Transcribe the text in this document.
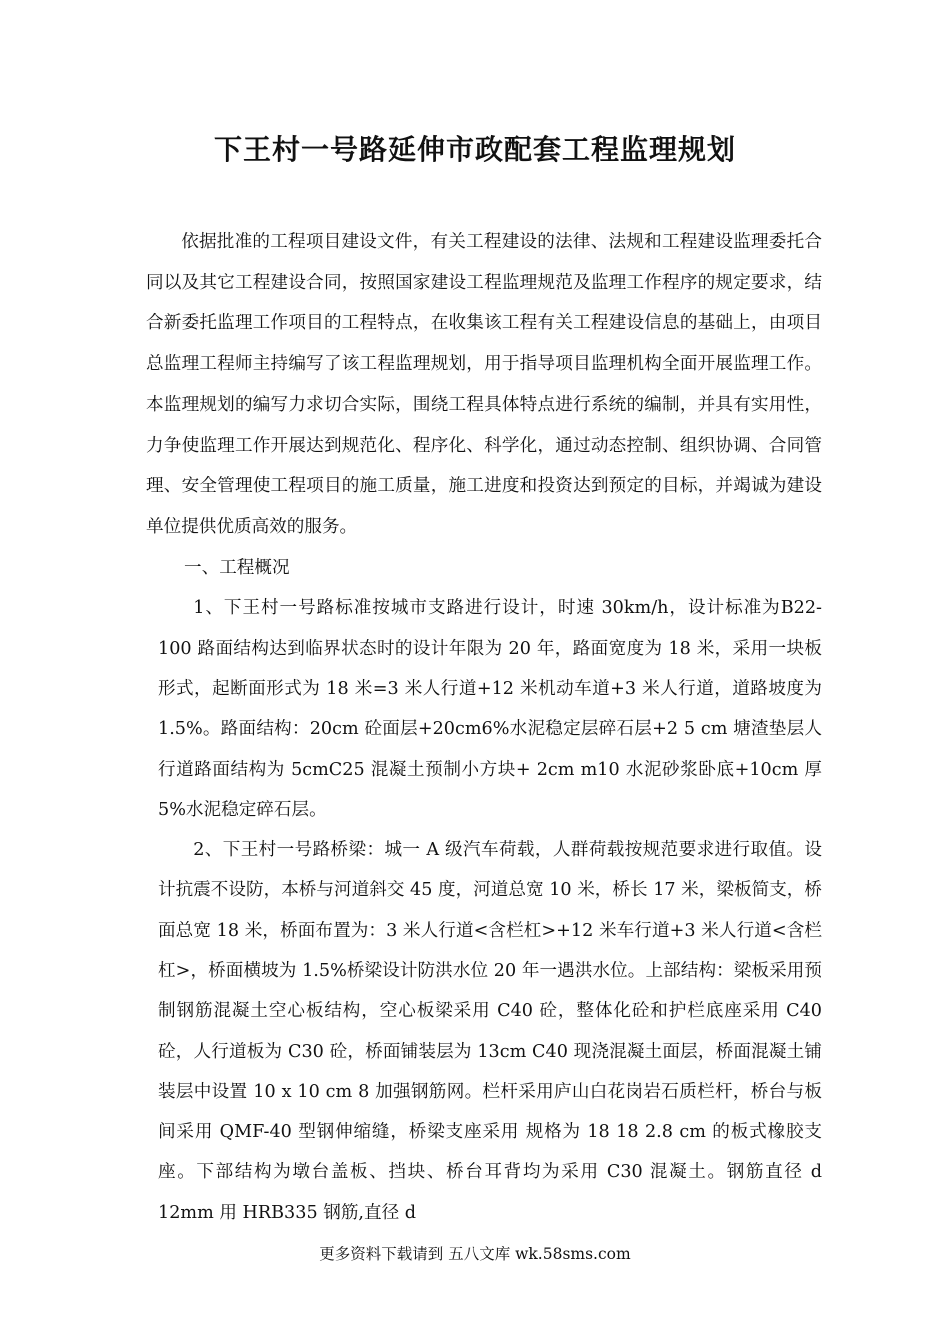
下王村一号路延伸市政配套工程监理规划

依据批准的工程项目建设文件，有关工程建设的法律、法规和工程建设监理委托合同以及其它工程建设合同，按照国家建设工程监理规范及监理工作程序的规定要求，结合新委托监理工作项目的工程特点，在收集该工程有关工程建设信息的基础上，由项目总监理工程师主持编写了该工程监理规划，用于指导项目监理机构全面开展监理工作。本监理规划的编写力求切合实际，围绕工程具体特点进行系统的编制，并具有实用性，力争使监理工作开展达到规范化、程序化、科学化，通过动态控制、组织协调、合同管理、安全管理使工程项目的施工质量，施工进度和投资达到预定的目标，并竭诚为建设单位提供优质高效的服务。

一、工程概况

1、下王村一号路标准按城市支路进行设计，时速 30km/h，设计标准为B22-100 路面结构达到临界状态时的设计年限为 20 年，路面宽度为 18 米，采用一块板形式，起断面形式为 18 米=3 米人行道+12 米机动车道+3 米人行道，道路坡度为 1.5%。路面结构：20cm 砼面层+20cm6%水泥稳定层碎石层+2 5 cm 塘渣垫层人行道路面结构为 5cmC25 混凝土预制小方块+ 2cm m10 水泥砂浆卧底+10cm 厚 5%水泥稳定碎石层。

2、下王村一号路桥梁：城一 A 级汽车荷载，人群荷载按规范要求进行取值。设计抗震不设防，本桥与河道斜交 45 度，河道总宽 10 米，桥长 17 米，梁板简支，桥面总宽 18 米，桥面布置为：3 米人行道<含栏杠>+12 米车行道+3 米人行道<含栏杠>，桥面横坡为 1.5%桥梁设计防洪水位 20 年一遇洪水位。上部结构：梁板采用预制钢筋混凝土空心板结构，空心板梁采用 C40 砼，整体化砼和护栏底座采用 C40 砼，人行道板为 C30 砼，桥面铺装层为 13cm C40 现浇混凝土面层，桥面混凝土铺装层中设置 10 x 10 cm 8 加强钢筋网。栏杆采用庐山白花岗岩石质栏杆，桥台与板间采用 QMF-40 型钢伸缩缝，桥梁支座采用 规格为 18 18 2.8 cm 的板式橡胶支座。下部结构为墩台盖板、挡块、桥台耳背均为采用 C30 混凝土。钢筋直径 d 12mm 用 HRB335 钢筋,直径 d

更多资料下载请到 五八文库 wk.58sms.com
